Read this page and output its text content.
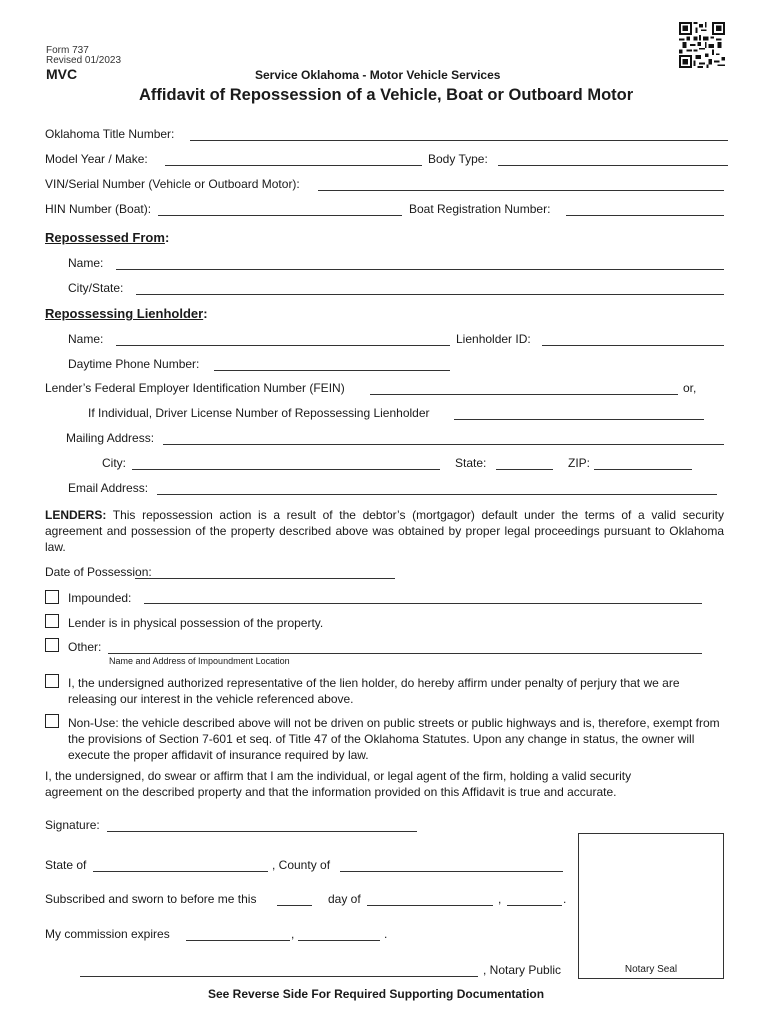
Form 737
Revised 01/2023
MVC	Service Oklahoma - Motor Vehicle Services
Affidavit of Repossession of a Vehicle, Boat or Outboard Motor
Oklahoma Title Number:
Model Year / Make:	Body Type:
VIN/Serial Number (Vehicle or Outboard Motor):
HIN Number (Boat):	Boat Registration Number:
Repossessed From:
Name:
City/State:
Repossessing Lienholder:
Name:	Lienholder ID:
Daytime Phone Number:
Lender’s Federal Employer Identification Number (FEIN)	or,
If Individual, Driver License Number of Repossessing Lienholder
Mailing Address:
City:	State:	ZIP:
Email Address:
LENDERS: This repossession action is a result of the debtor’s (mortgagor) default under the terms of a valid security agreement and possession of the property described above was obtained by proper legal proceedings pursuant to Oklahoma law.
Date of Possession:
Impounded:
Lender is in physical possession of the property.
Other:
Name and Address of Impoundment Location
I, the undersigned authorized representative of the lien holder, do hereby affirm under penalty of perjury that we are releasing our interest in the vehicle referenced above.
Non-Use: the vehicle described above will not be driven on public streets or public highways and is, therefore, exempt from the provisions of Section 7-601 et seq. of Title 47 of the Oklahoma Statutes. Upon any change in status, the owner will execute the proper affidavit of insurance required by law.
I, the undersigned, do swear or affirm that I am the individual, or legal agent of the firm, holding a valid security agreement on the described property and that the information provided on this Affidavit is true and accurate.
Signature:
State of	, County of
Subscribed and sworn to before me this	day of	,	.
My commission expires	,	.
, Notary Public	Notary Seal
See Reverse Side For Required Supporting Documentation
